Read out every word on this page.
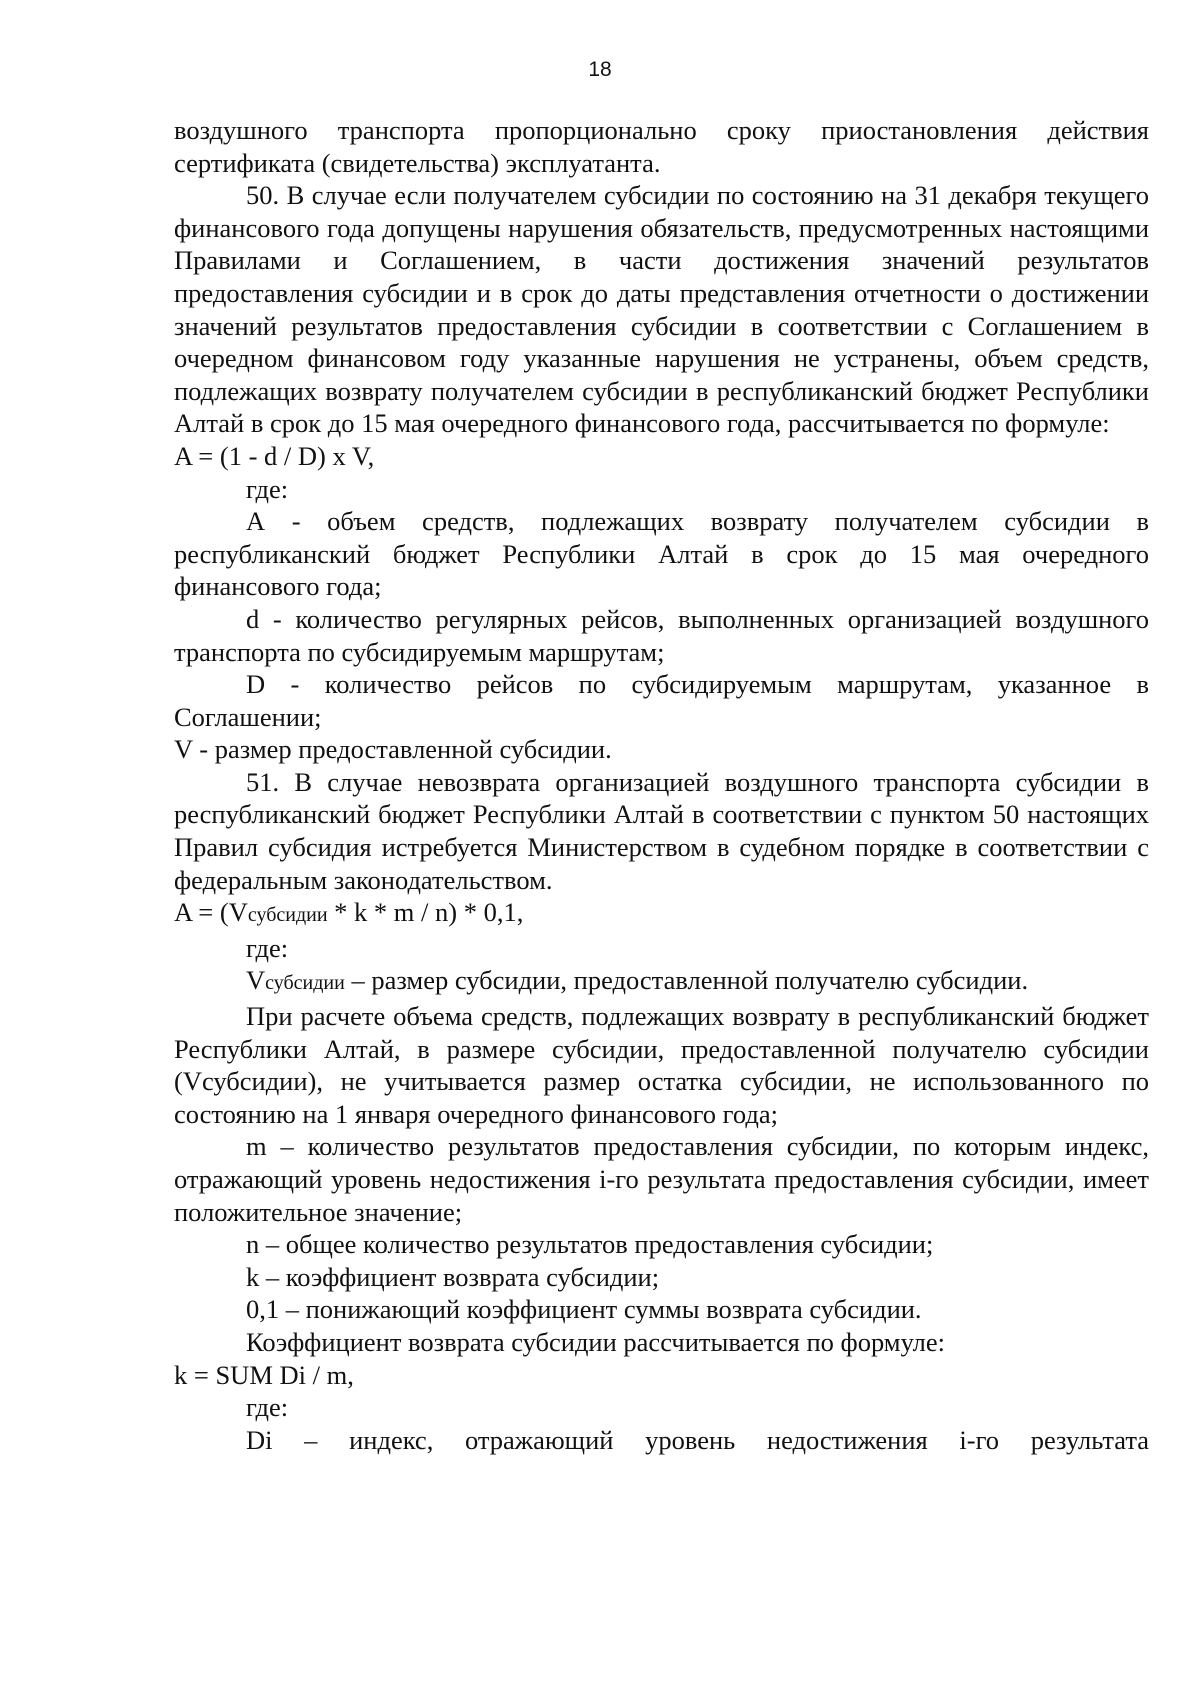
18

воздушного транспорта пропорционально сроку приостановления действия сертификата (свидетельства) эксплуатанта.

50. В случае если получателем субсидии по состоянию на 31 декабря текущего финансового года допущены нарушения обязательств, предусмотренных настоящими Правилами и Соглашением, в части достижения значений результатов предоставления субсидии и в срок до даты представления отчетности о достижении значений результатов предоставления субсидии в соответствии с Соглашением в очередном финансовом году указанные нарушения не устранены, объем средств, подлежащих возврату получателем субсидии в республиканский бюджет Республики Алтай в срок до 15 мая очередного финансового года, рассчитывается по формуле:

A = (1 - d / D) x V,

где:

А - объем средств, подлежащих возврату получателем субсидии в республиканский бюджет Республики Алтай в срок до 15 мая очередного финансового года;

d - количество регулярных рейсов, выполненных организацией воздушного транспорта по субсидируемым маршрутам;

D - количество рейсов по субсидируемым маршрутам, указанное в Соглашении;

V - размер предоставленной субсидии.

51. В случае невозврата организацией воздушного транспорта субсидии в республиканский бюджет Республики Алтай в соответствии с пунктом 50 настоящих Правил субсидия истребуется Министерством в судебном порядке в соответствии с федеральным законодательством.

A = (Vсубсидии * k * m / n) * 0,1,

где:

Vсубсидии – размер субсидии, предоставленной получателю субсидии.

При расчете объема средств, подлежащих возврату в республиканский бюджет Республики Алтай, в размере субсидии, предоставленной получателю субсидии (Vсубсидии), не учитывается размер остатка субсидии, не использованного по состоянию на 1 января очередного финансового года;

m – количество результатов предоставления субсидии, по которым индекс, отражающий уровень недостижения i-го результата предоставления субсидии, имеет положительное значение;

n – общее количество результатов предоставления субсидии;

k – коэффициент возврата субсидии;

0,1 – понижающий коэффициент суммы возврата субсидии.

Коэффициент возврата субсидии рассчитывается по формуле:

k = SUM Di / m,

где:

Di – индекс, отражающий уровень недостижения i-го результата
